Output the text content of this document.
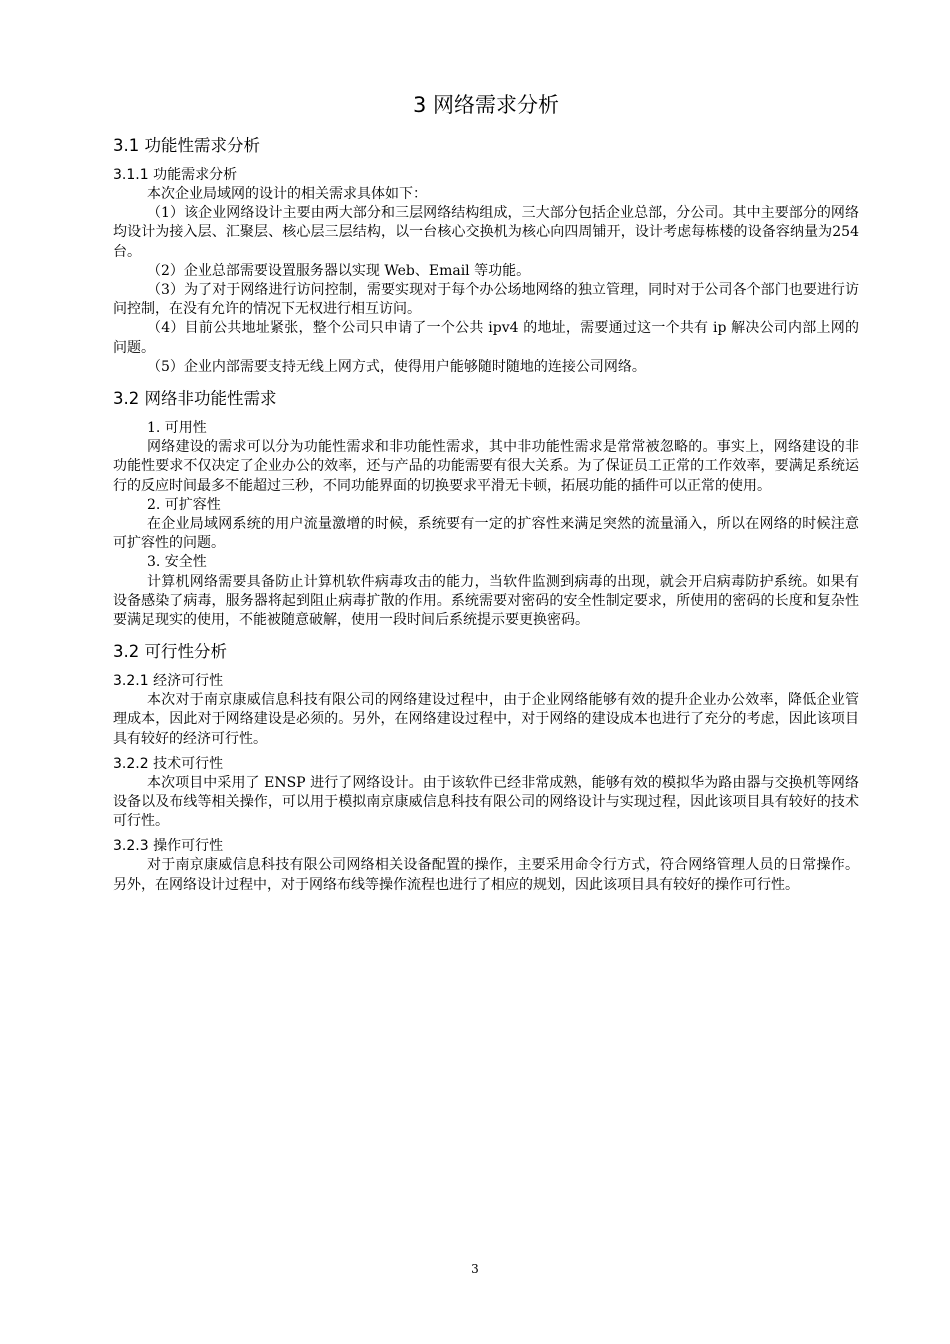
3 网络需求分析
3.1 功能性需求分析
3.1.1 功能需求分析

本次企业局域网的设计的相关需求具体如下：

（1）该企业网络设计主要由两大部分和三层网络结构组成，三大部分包括企业总部，分公司。其中主要部分的网络均设计为接入层、汇聚层、核心层三层结构，以一台核心交换机为核心向四周铺开，设计考虑每栋楼的设备容纳量为254台。

（2）企业总部需要设置服务器以实现 Web、Email 等功能。

（3）为了对于网络进行访问控制，需要实现对于每个办公场地网络的独立管理，同时对于公司各个部门也要进行访问控制，在没有允许的情况下无权进行相互访问。

（4）目前公共地址紧张，整个公司只申请了一个公共 ipv4 的地址，需要通过这一个共有 ip 解决公司内部上网的问题。

（5）企业内部需要支持无线上网方式，使得用户能够随时随地的连接公司网络。

3.2 网络非功能性需求

1. 可用性

网络建设的需求可以分为功能性需求和非功能性需求，其中非功能性需求是常常被忽略的。事实上，网络建设的非功能性要求不仅决定了企业办公的效率，还与产品的功能需要有很大关系。为了保证员工正常的工作效率，要满足系统运行的反应时间最多不能超过三秒，不同功能界面的切换要求平滑无卡顿，拓展功能的插件可以正常的使用。

2. 可扩容性

在企业局域网系统的用户流量激增的时候，系统要有一定的扩容性来满足突然的流量涌入，所以在网络的时候注意可扩容性的问题。

3. 安全性

计算机网络需要具备防止计算机软件病毒攻击的能力，当软件监测到病毒的出现，就会开启病毒防护系统。如果有设备感染了病毒，服务器将起到阻止病毒扩散的作用。系统需要对密码的安全性制定要求，所使用的密码的长度和复杂性要满足现实的使用，不能被随意破解，使用一段时间后系统提示要更换密码。

3.2 可行性分析
3.2.1 经济可行性

本次对于南京康威信息科技有限公司的网络建设过程中，由于企业网络能够有效的提升企业办公效率，降低企业管理成本，因此对于网络建设是必须的。另外，在网络建设过程中，对于网络的建设成本也进行了充分的考虑，因此该项目具有较好的经济可行性。

3.2.2 技术可行性

本次项目中采用了 ENSP 进行了网络设计。由于该软件已经非常成熟，能够有效的模拟华为路由器与交换机等网络设备以及布线等相关操作，可以用于模拟南京康威信息科技有限公司的网络设计与实现过程，因此该项目具有较好的技术可行性。

3.2.3 操作可行性

对于南京康威信息科技有限公司网络相关设备配置的操作，主要采用命令行方式，符合网络管理人员的日常操作。另外，在网络设计过程中，对于网络布线等操作流程也进行了相应的规划，因此该项目具有较好的操作可行性。

3
